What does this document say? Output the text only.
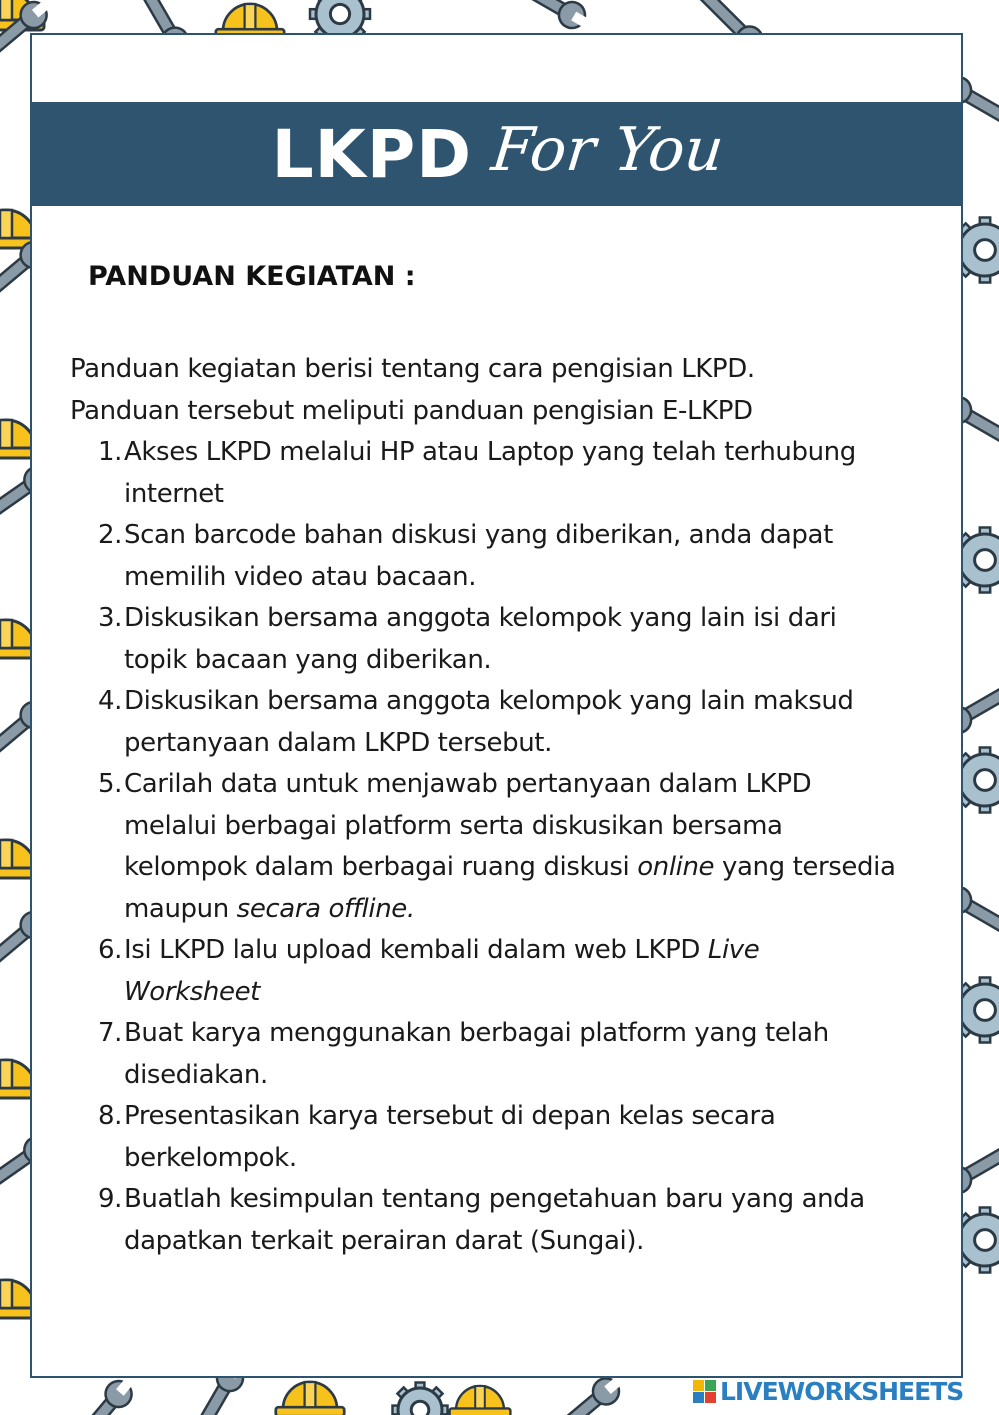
LKPD For You
PANDUAN KEGIATAN :
Panduan kegiatan berisi tentang cara pengisian LKPD.
Panduan tersebut meliputi panduan pengisian E-LKPD
1. Akses LKPD melalui HP atau Laptop yang telah terhubung internet
2. Scan barcode bahan diskusi yang diberikan, anda dapat memilih video atau bacaan.
3. Diskusikan bersama anggota kelompok yang lain isi dari topik bacaan yang diberikan.
4. Diskusikan bersama anggota kelompok yang lain maksud pertanyaan dalam LKPD tersebut.
5. Carilah data untuk menjawab pertanyaan dalam LKPD melalui berbagai platform serta diskusikan bersama kelompok dalam berbagai ruang diskusi online yang tersedia maupun secara offline.
6. Isi LKPD lalu upload kembali dalam web LKPD Live Worksheet
7. Buat karya menggunakan berbagai platform yang telah disediakan.
8. Presentasikan karya tersebut di depan kelas secara berkelompok.
9. Buatlah kesimpulan tentang pengetahuan baru yang anda dapatkan terkait perairan darat (Sungai).
LIVEWORKSHEETS
